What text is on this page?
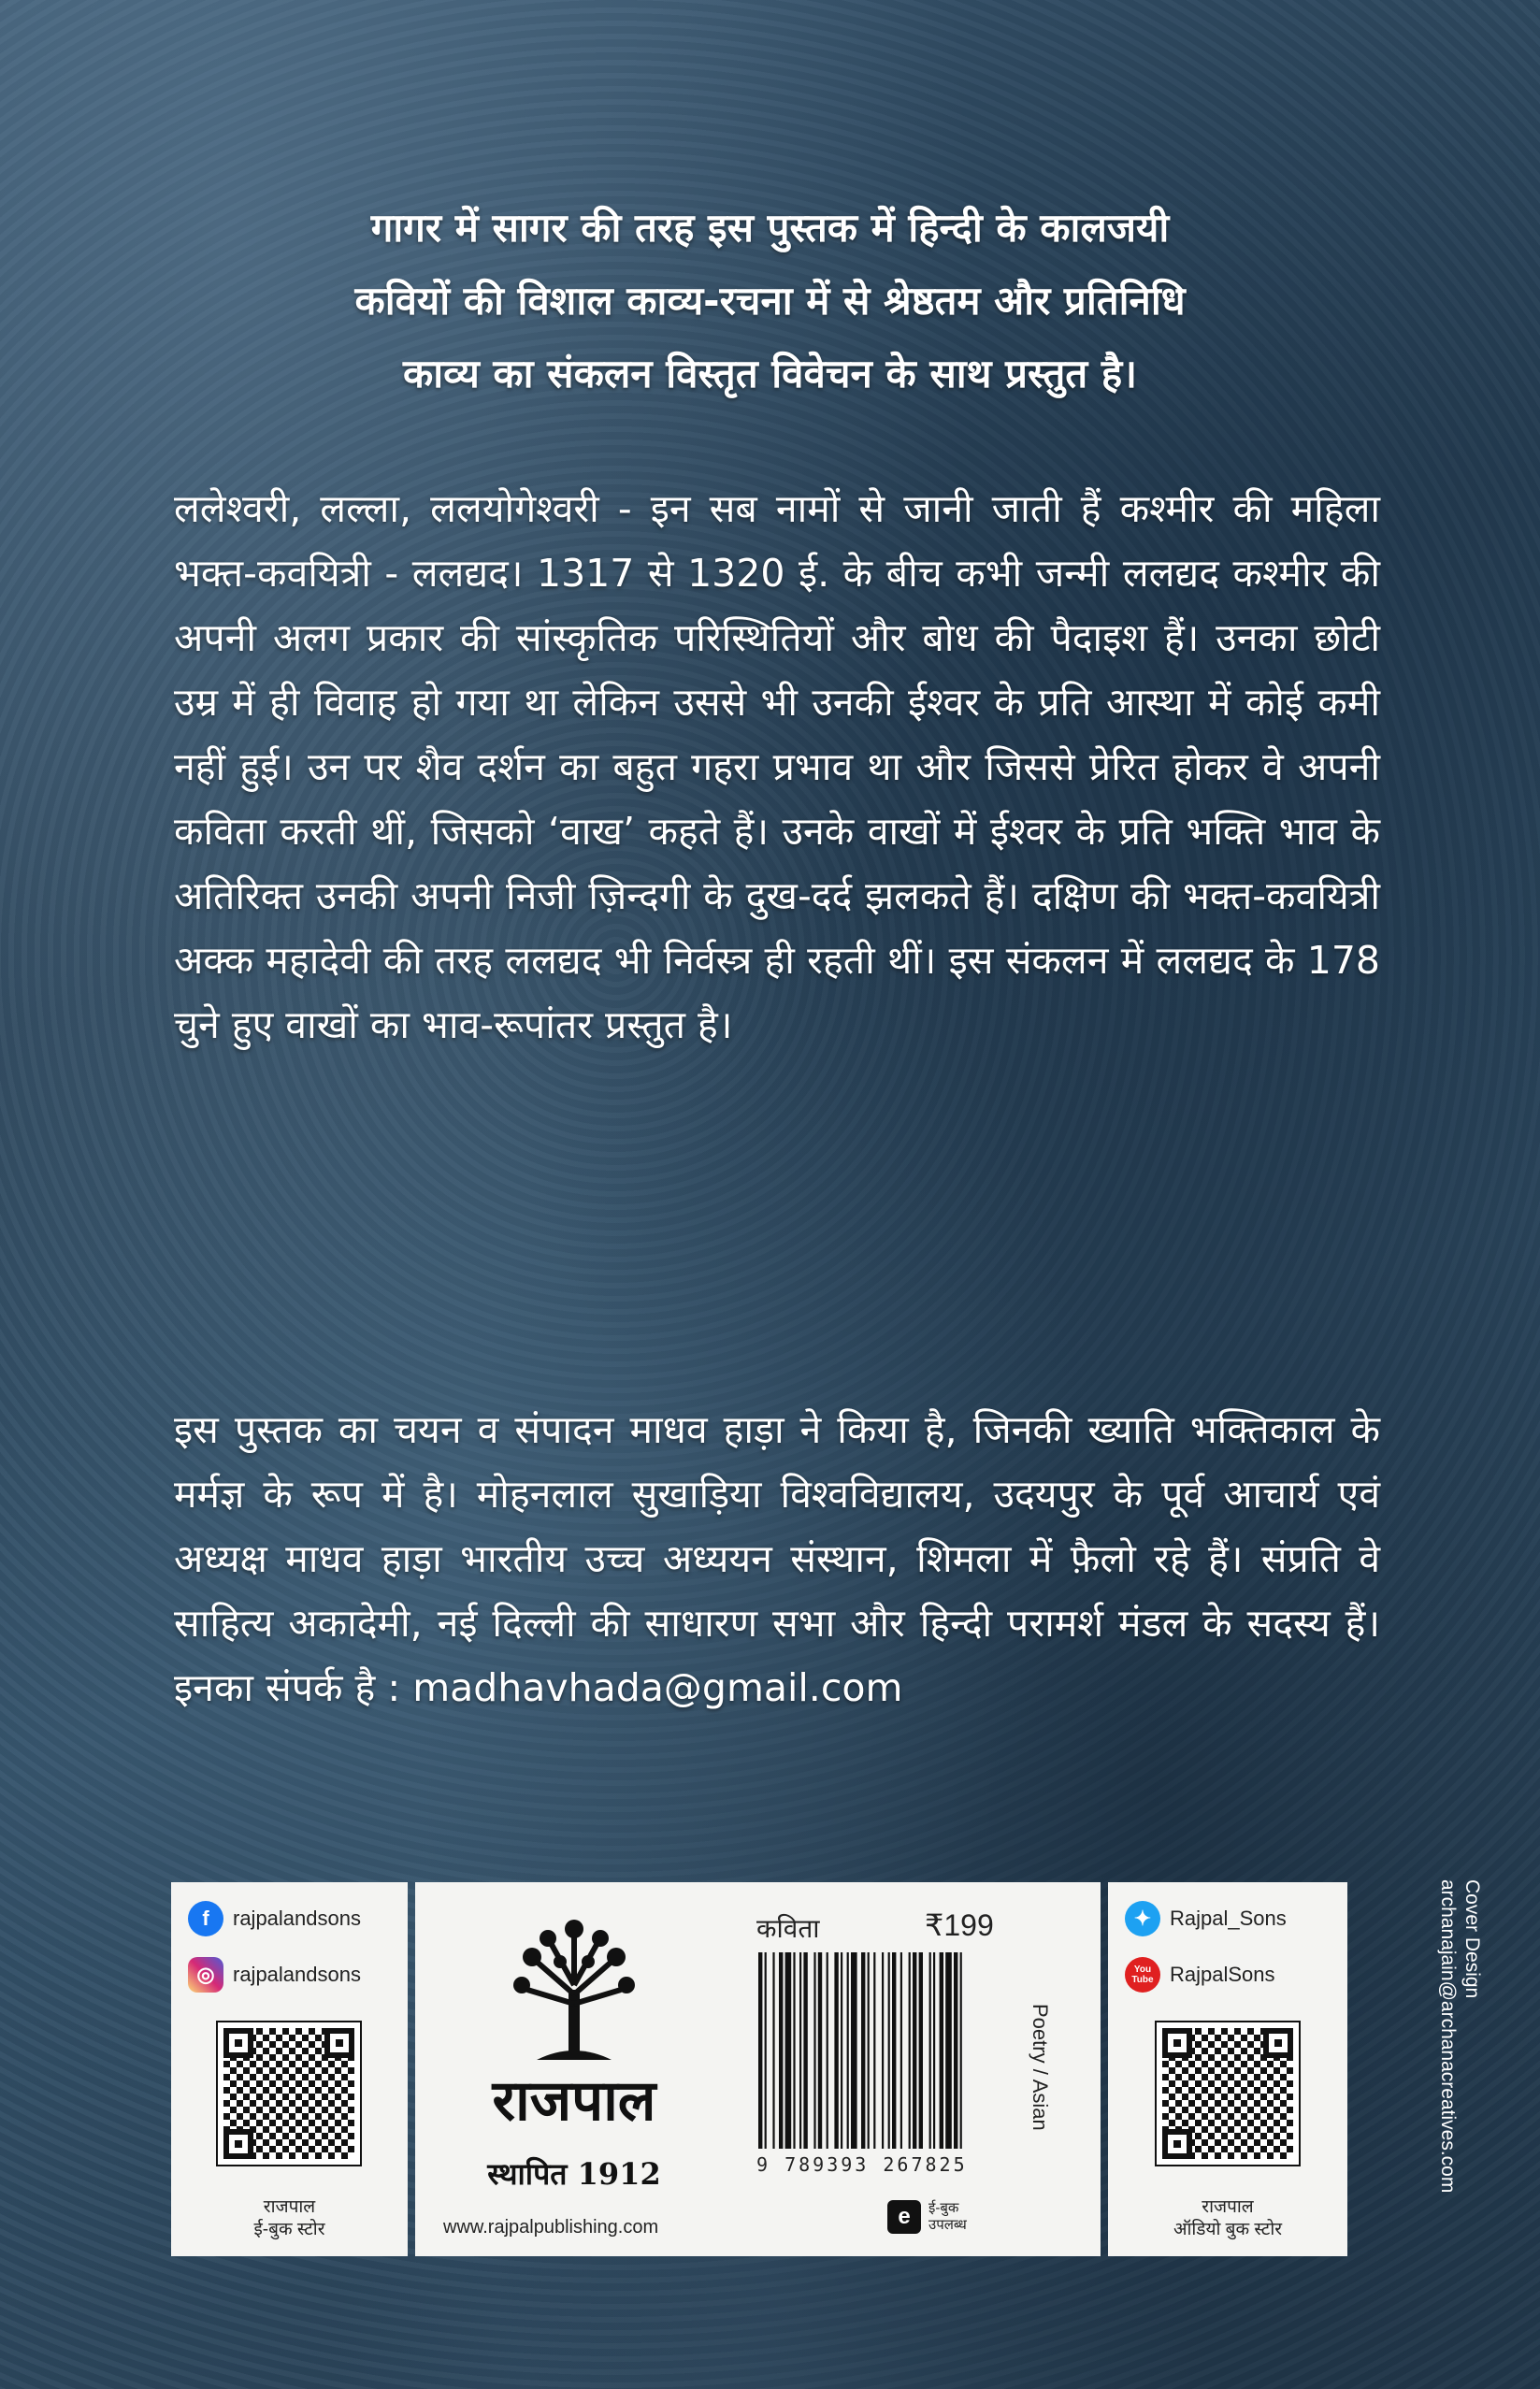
गागर में सागर की तरह इस पुस्तक में हिन्दी के कालजयी
कवियों की विशाल काव्य-रचना में से श्रेष्ठतम और प्रतिनिधि
काव्य का संकलन विस्तृत विवेचन के साथ प्रस्तुत है।
ललेश्वरी, लल्ला, ललयोगेश्वरी - इन सब नामों से जानी जाती हैं कश्मीर की महिला भक्त-कवयित्री - ललद्यद। 1317 से 1320 ई. के बीच कभी जन्मी ललद्यद कश्मीर की अपनी अलग प्रकार की सांस्कृतिक परिस्थितियों और बोध की पैदाइश हैं। उनका छोटी उम्र में ही विवाह हो गया था लेकिन उससे भी उनकी ईश्वर के प्रति आस्था में कोई कमी नहीं हुई। उन पर शैव दर्शन का बहुत गहरा प्रभाव था और जिससे प्रेरित होकर वे अपनी कविता करती थीं, जिसको ‘वाख’ कहते हैं। उनके वाखों में ईश्वर के प्रति भक्ति भाव के अतिरिक्त उनकी अपनी निजी ज़िन्दगी के दुख-दर्द झलकते हैं। दक्षिण की भक्त-कवयित्री अक्क महादेवी की तरह ललद्यद भी निर्वस्त्र ही रहती थीं। इस संकलन में ललद्यद के 178 चुने हुए वाखों का भाव-रूपांतर प्रस्तुत है।
इस पुस्तक का चयन व संपादन माधव हाड़ा ने किया है, जिनकी ख्याति भक्तिकाल के मर्मज्ञ के रूप में है। मोहनलाल सुखाड़िया विश्वविद्यालय, उदयपुर के पूर्व आचार्य एवं अध्यक्ष माधव हाड़ा भारतीय उच्च अध्ययन संस्थान, शिमला में फ़ैलो रहे हैं। संप्रति वे साहित्य अकादेमी, नई दिल्ली की साधारण सभा और हिन्दी परामर्श मंडल के सदस्य हैं। इनका संपर्क है : madhavhada@gmail.com
f	rajpalandsons
◎ rajpalandsons
राजपाल
ई-बुक स्टोर
राजपाल
स्थापित 1912
www.rajpalpublishing.com
कविता	₹199
9 789393 267825
Poetry / Asian
e	ई-बुक
उपलब्ध
✦ Rajpal_Sons
You Tube RajpalSons
राजपाल
ऑडियो बुक स्टोर
Cover Design
archanajain@archanacreatives.com
